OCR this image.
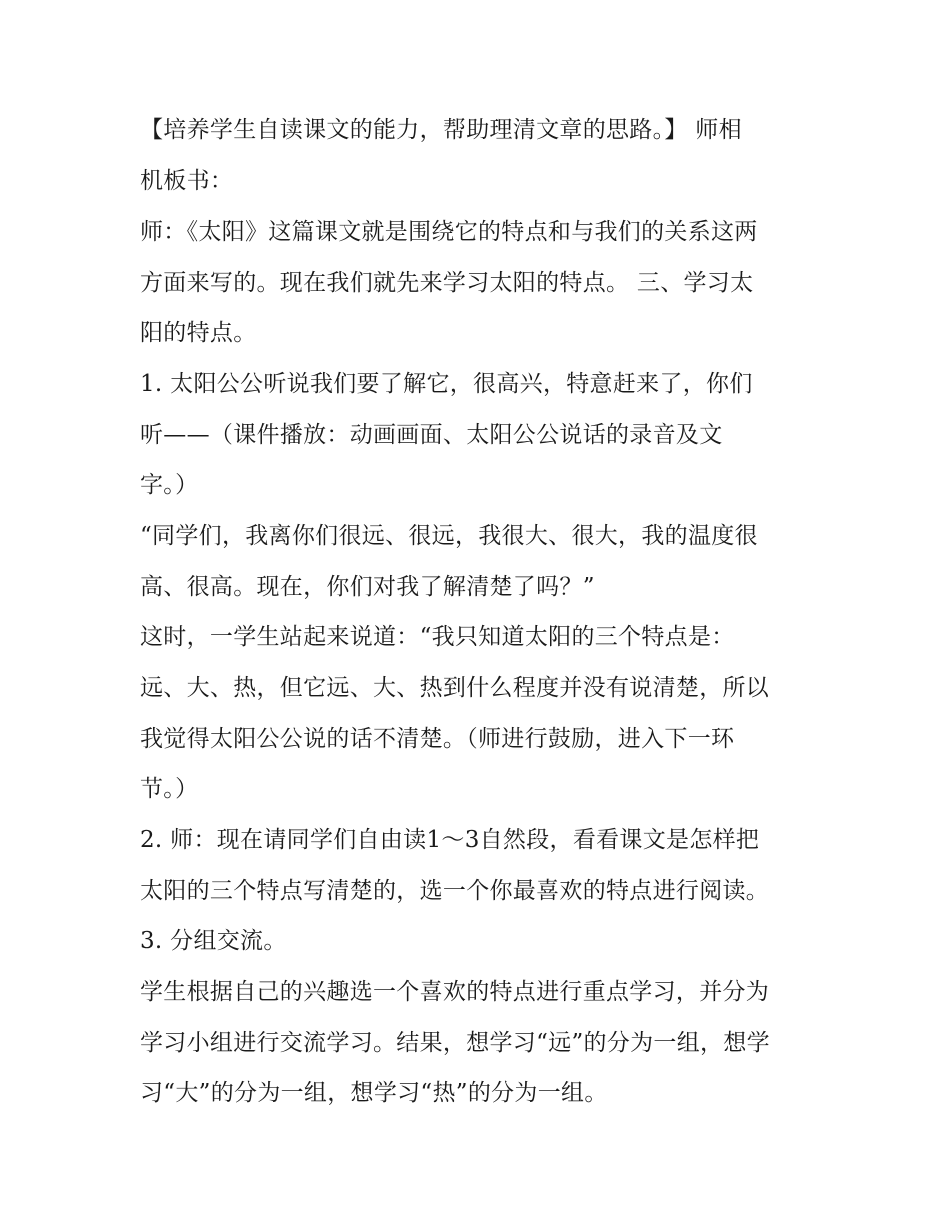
【培养学生自读课文的能力，帮助理清文章的思路。】 师相
机板书：
师：《太阳》这篇课文就是围绕它的特点和与我们的关系这两
方面来写的。现在我们就先来学习太阳的特点。 三、学习太
阳的特点。
1. 太阳公公听说我们要了解它，很高兴，特意赶来了，你们
听——（课件播放：动画画面、太阳公公说话的录音及文
字。）
“同学们，我离你们很远、很远，我很大、很大，我的温度很
高、很高。现在，你们对我了解清楚了吗？”
这时，一学生站起来说道：“我只知道太阳的三个特点是：
远、大、热，但它远、大、热到什么程度并没有说清楚，所以
我觉得太阳公公说的话不清楚。（师进行鼓励，进入下一环
节。）
2. 师：现在请同学们自由读1～3自然段，看看课文是怎样把
太阳的三个特点写清楚的，选一个你最喜欢的特点进行阅读。
3. 分组交流。
学生根据自己的兴趣选一个喜欢的特点进行重点学习，并分为
学习小组进行交流学习。结果，想学习“远”的分为一组，想学
习“大”的分为一组，想学习“热”的分为一组。
